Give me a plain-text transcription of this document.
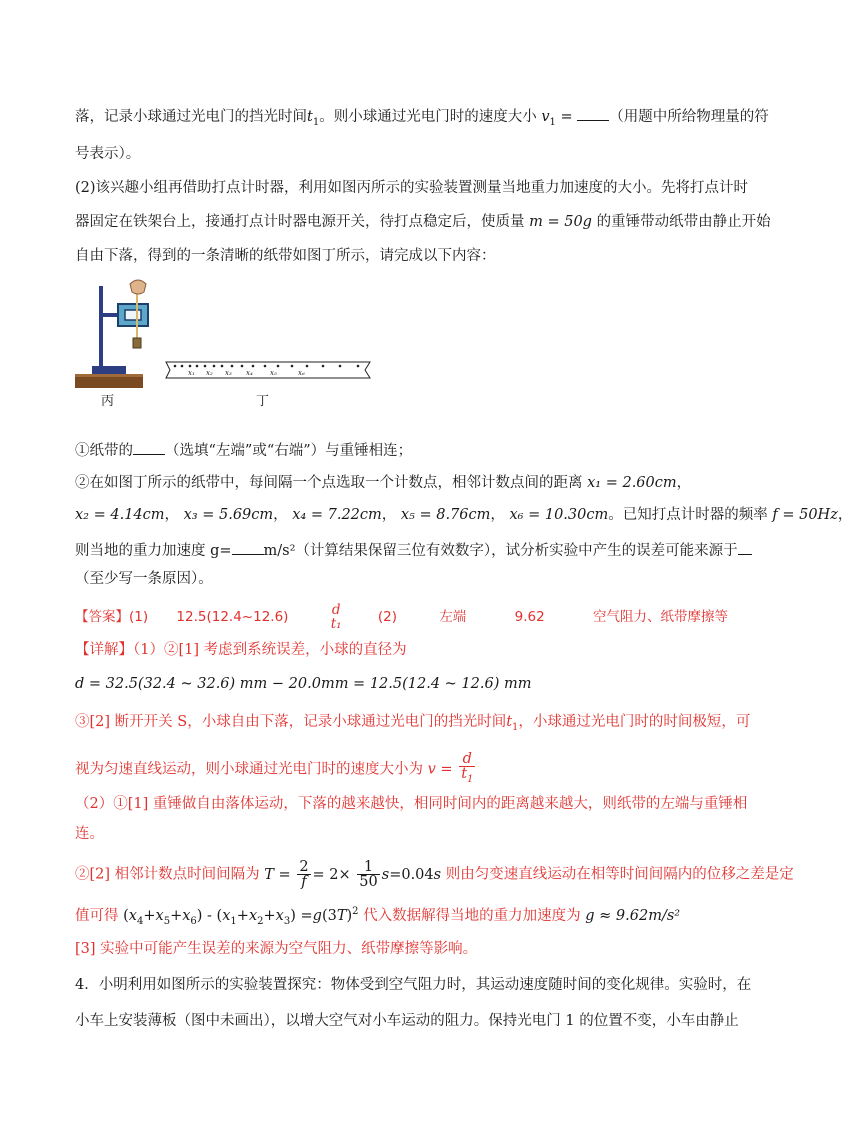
落，记录小球通过光电门的挡光时间$t_1$。则小球通过光电门时的速度大小 $v_1$ = （用题中所给物理量的符
号表示）。
(2)该兴趣小组再借助打点计时器，利用如图丙所示的实验装置测量当地重力加速度的大小。先将打点计时
器固定在铁架台上，接通打点计时器电源开关，待打点稳定后，使质量 m = 50g 的重锤带动纸带由静止开始
自由下落，得到的一条清晰的纸带如图丁所示，请完成以下内容：
x₁ x₂ x₃ x₄ x₅	x₆
丙	丁
①纸带的 （选填“左端”或“右端”）与重锤相连；
②在如图丁所示的纸带中，每间隔一个点选取一个计数点，相邻计数点间的距离 x₁ = 2.60cm，
x₂ = 4.14cm， x₃ = 5.69cm， x₄ = 7.22cm， x₅ = 8.76cm， x₆ = 10.30cm。已知打点计时器的频率 f = 50Hz，
则当地的重力加速度 g= m/s²（计算结果保留三位有效数字），试分析实验中产生的误差可能来源于
（至少写一条原因）。
【答案】(1) 12.5(12.4~12.6)	d
t₁	(2)	左端	9.62	空气阻力、纸带摩擦等
【详解】（1）②[1] 考虑到系统误差，小球的直径为
d = 32.5(32.4 ~ 32.6) mm − 20.0mm = 12.5(12.4 ~ 12.6) mm
③[2] 断开开关 S，小球自由下落，记录小球通过光电门的挡光时间$t_1$，小球通过光电门时的时间极短，可
视为匀速直线运动，则小球通过光电门时的速度大小为 $v = \frac{d}{t_1}$
（2）①[1] 重锤做自由落体运动，下落的越来越快，相同时间内的距离越来越大，则纸带的左端与重锤相
连。
②[2] 相邻计数点时间间隔为 $T = \frac{2}{f} = 2\times \frac{1}{50} s=0.04s$ 则由匀变速直线运动在相等时间间隔内的位移之差是定
值可得 $(x_4+x_5+x_6) - (x_1+x_2+x_3) =g(3T)^2$ 代入数据解得当地的重力加速度为 g ≈ 9.62m/s²
[3] 实验中可能产生误差的来源为空气阻力、纸带摩擦等影响。
4．小明利用如图所示的实验装置探究：物体受到空气阻力时，其运动速度随时间的变化规律。实验时，在
小车上安装薄板（图中未画出），以增大空气对小车运动的阻力。保持光电门 1 的位置不变，小车由静止
